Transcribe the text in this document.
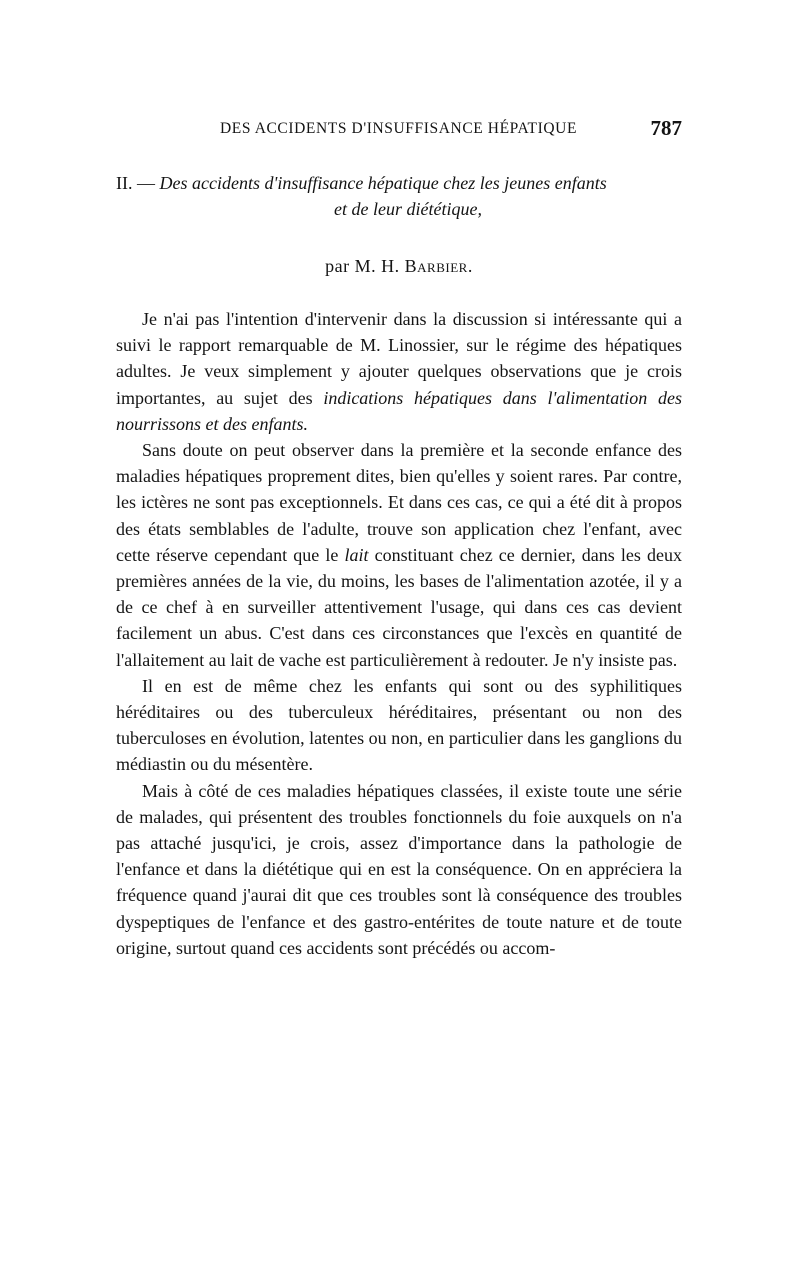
DES ACCIDENTS D'INSUFFISANCE HÉPATIQUE	787
II. — Des accidents d'insuffisance hépatique chez les jeunes enfants
et de leur diététique,
par M. H. Barbier.

Je n'ai pas l'intention d'intervenir dans la discussion si intéressante qui a suivi le rapport remarquable de M. Linossier, sur le régime des hépatiques adultes. Je veux simplement y ajouter quelques observations que je crois importantes, au sujet des indications hépatiques dans l'alimentation des nourrissons et des enfants.

Sans doute on peut observer dans la première et la seconde enfance des maladies hépatiques proprement dites, bien qu'elles y soient rares. Par contre, les ictères ne sont pas exceptionnels. Et dans ces cas, ce qui a été dit à propos des états semblables de l'adulte, trouve son application chez l'enfant, avec cette réserve cependant que le lait constituant chez ce dernier, dans les deux premières années de la vie, du moins, les bases de l'alimentation azotée, il y a de ce chef à en surveiller attentivement l'usage, qui dans ces cas devient facilement un abus. C'est dans ces circonstances que l'excès en quantité de l'allaitement au lait de vache est particulièrement à redouter. Je n'y insiste pas.

Il en est de même chez les enfants qui sont ou des syphilitiques héréditaires ou des tuberculeux héréditaires, présentant ou non des tuberculoses en évolution, latentes ou non, en particulier dans les ganglions du médiastin ou du mésentère.

Mais à côté de ces maladies hépatiques classées, il existe toute une série de malades, qui présentent des troubles fonctionnels du foie auxquels on n'a pas attaché jusqu'ici, je crois, assez d'importance dans la pathologie de l'enfance et dans la diététique qui en est la conséquence. On en appréciera la fréquence quand j'aurai dit que ces troubles sont là conséquence des troubles dyspeptiques de l'enfance et des gastro-entérites de toute nature et de toute origine, surtout quand ces accidents sont précédés ou accom-
